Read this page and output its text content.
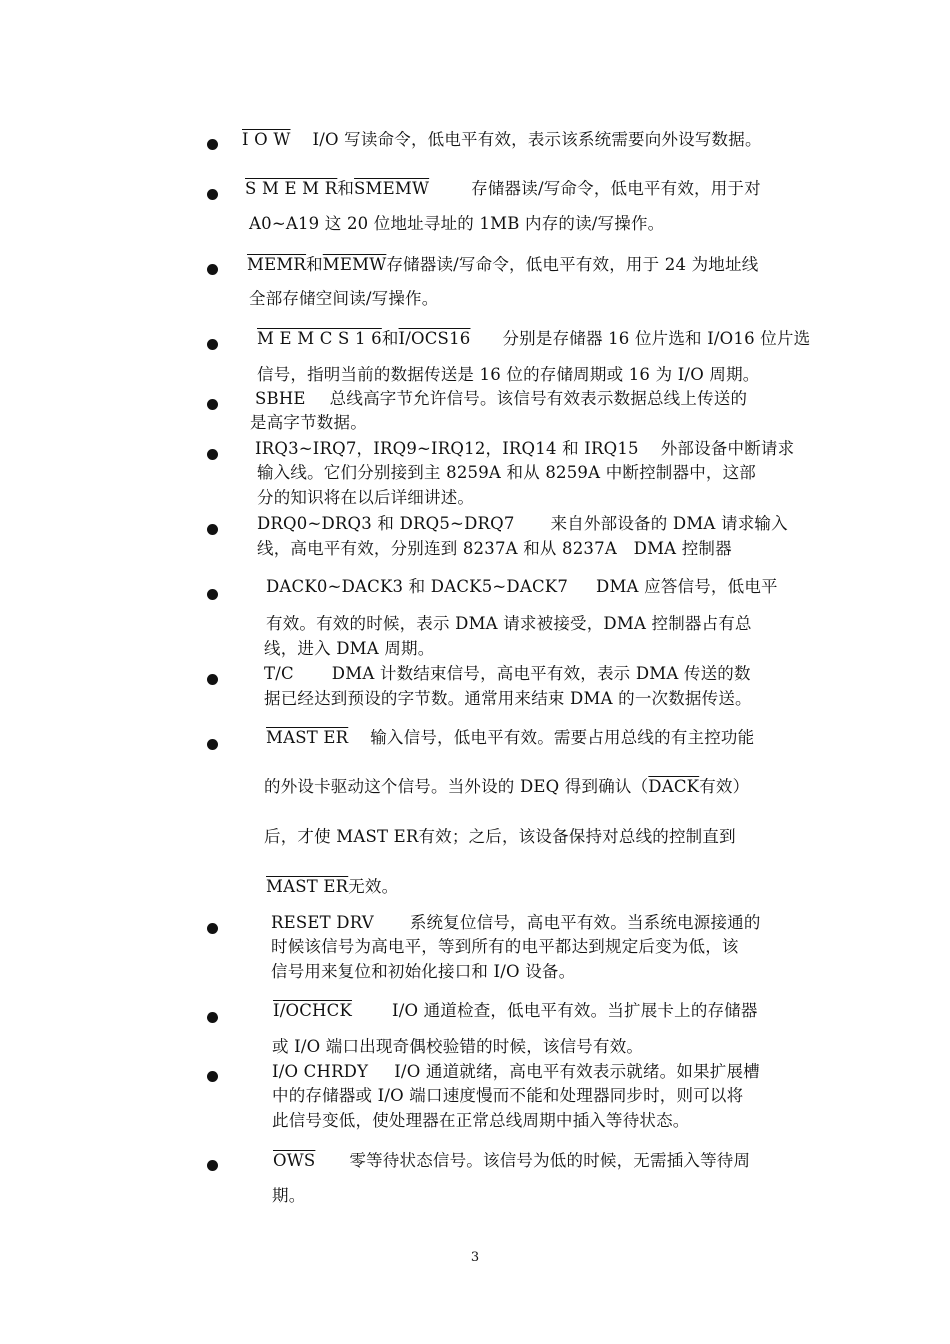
I O W I/O 写读命令，低电平有效，表示该系统需要向外设写数据。
S M E M R和SMEMW	存储器读/写命令，低电平有效，用于对
A0~A19 这 20 位地址寻址的 1MB 内存的读/写操作。
MEMR和MEMW存储器读/写命令，低电平有效，用于 24 为地址线
全部存储空间读/写操作。
M E M C S 1 6和I/OCS16 分别是存储器 16 位片选和 I/O16 位片选
信号，指明当前的数据传送是 16 位的存储周期或 16 为 I/O 周期。
SBHE 总线高字节允许信号。该信号有效表示数据总线上传送的
是高字节数据。
IRQ3~IRQ7，IRQ9~IRQ12，IRQ14 和 IRQ15 外部设备中断请求
输入线。它们分别接到主 8259A 和从 8259A 中断控制器中，这部
分的知识将在以后详细讲述。
DRQ0~DRQ3 和 DRQ5~DRQ7 来自外部设备的 DMA 请求输入
线，高电平有效，分别连到 8237A 和从 8237A　DMA 控制器
DACK0~DACK3 和 DACK5~DACK7 DMA 应答信号，低电平
有效。有效的时候，表示 DMA 请求被接受，DMA 控制器占有总
线，进入 DMA 周期。
T/C DMA 计数结束信号，高电平有效，表示 DMA 传送的数
据已经达到预设的字节数。通常用来结束 DMA 的一次数据传送。
MAST ER 输入信号，低电平有效。需要占用总线的有主控功能
的外设卡驱动这个信号。当外设的 DEQ 得到确认（DACK有效）
后，才使 MAST ER有效；之后，该设备保持对总线的控制直到
MAST ER无效。
RESET DRV 系统复位信号，高电平有效。当系统电源接通的
时候该信号为高电平，等到所有的电平都达到规定后变为低，该
信号用来复位和初始化接口和 I/O 设备。
I/OCHCK I/O 通道检查，低电平有效。当扩展卡上的存储器
或 I/O 端口出现奇偶校验错的时候，该信号有效。
I/O CHRDY I/O 通道就绪，高电平有效表示就绪。如果扩展槽
中的存储器或 I/O 端口速度慢而不能和处理器同步时，则可以将
此信号变低，使处理器在正常总线周期中插入等待状态。
$\overline{OWS}$ 零等待状态信号。该信号为低的时候，无需插入等待周
期。
3
